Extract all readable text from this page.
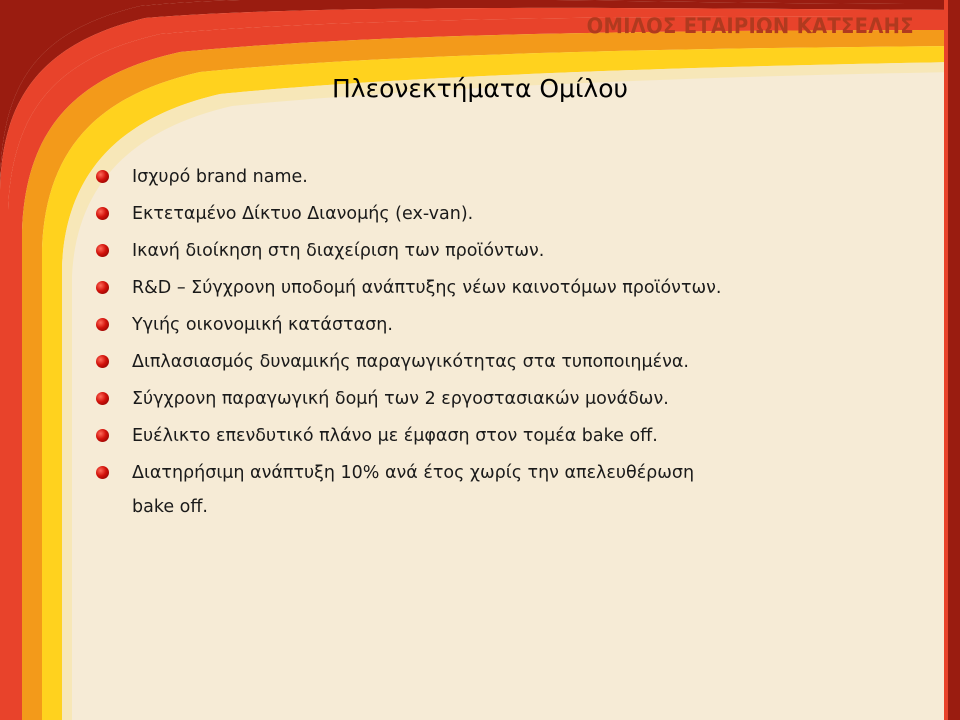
ΟΜΙΛΟΣ ΕΤΑΙΡΙΩΝ ΚΑΤΣΕΛΗΣ
Πλεονεκτήματα Ομίλου
Ισχυρό brand name.
Εκτεταμένο Δίκτυο Διανομής (ex-van).
Ικανή διοίκηση στη διαχείριση των προϊόντων.
R&D – Σύγχρονη υποδομή ανάπτυξης νέων καινοτόμων προϊόντων.
Υγιής οικονομική κατάσταση.
Διπλασιασμός δυναμικής παραγωγικότητας στα τυποποιημένα.
Σύγχρονη παραγωγική δομή των 2 εργοστασιακών μονάδων.
Ευέλικτο επενδυτικό πλάνο με έμφαση στον τομέα bake off.
Διατηρήσιμη ανάπτυξη 10% ανά έτος χωρίς την απελευθέρωση bake off.
